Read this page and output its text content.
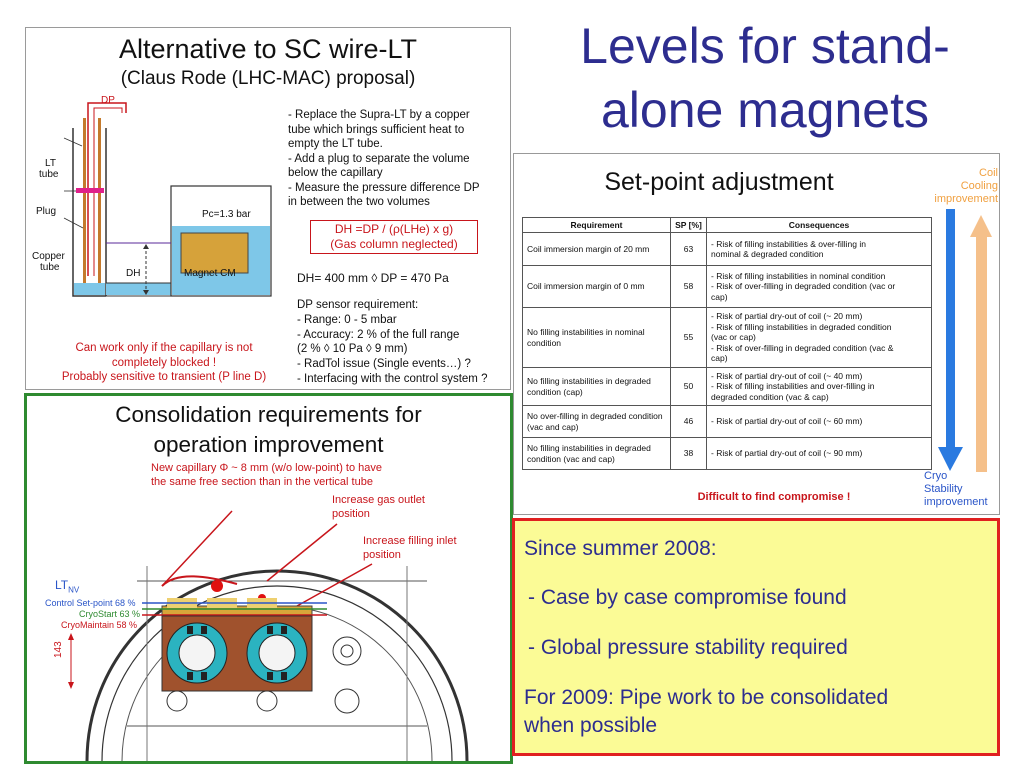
Levels for stand-
alone magnets
Alternative to SC wire-LT
(Claus Rode (LHC-MAC) proposal)
DP
LT
tube
Plug
Copper
tube
Pc=1.3 bar
DH	Magnet CM
- Replace the Supra-LT by a copper
tube which brings sufficient heat to
empty the LT tube.
- Add a plug to separate the volume
below the capillary
- Measure the pressure difference DP
in between the two volumes
DH =DP / (ρ(LHe) x g)
(Gas column neglected)
DH= 400 mm ◊ DP = 470 Pa
DP sensor requirement:
- Range: 0 - 5 mbar
- Accuracy: 2 % of the full range
(2 % ◊ 10 Pa ◊ 9 mm)
- RadTol issue (Single events…) ?
- Interfacing with the control system ?
Can work only if the capillary is not
completely blocked !
Probably sensitive to transient (P line D)
Consolidation requirements for
operation improvement
New capillary Φ ~ 8 mm (w/o low-point) to have
the same free section than in the vertical tube
Increase gas outlet
position
Increase filling inlet
position
$LT_{NV}$
Control Set-point 68 %
CryoStart 63 %
CryoMaintain 58 %
143
Set-point adjustment
Requirement	SP [%]	Consequences
Coil immersion margin of 20 mm	63	- Risk of filling instabilities & over-filling in
nominal & degraded condition

Coil immersion margin of 0 mm	58	- Risk of filling instabilities in nominal condition
- Risk of over-filling in degraded condition (vac or
cap)

No filling instabilities in nominal condition	55	- Risk of partial dry-out of coil (~ 20 mm)
- Risk of filling instabilities in degraded condition
(vac or cap)
- Risk of over-filling in degraded condition (vac &
cap)

No filling instabilities in degraded condition (cap)	50	- Risk of partial dry-out of coil (~ 40 mm)
- Risk of filling instabilities and over-filling in
degraded condition (vac & cap)

No over-filling in degraded condition (vac and cap)	46	- Risk of partial dry-out of coil (~ 60 mm)

No filling instabilities in degraded condition (vac and cap)	38	- Risk of partial dry-out of coil (~ 90 mm)
Difficult to find compromise !
Coil
Cooling
improvement
Cryo
Stability
improvement
Since summer 2008:
- Case by case compromise found
- Global pressure stability required
For 2009: Pipe work to be consolidated
when possible
